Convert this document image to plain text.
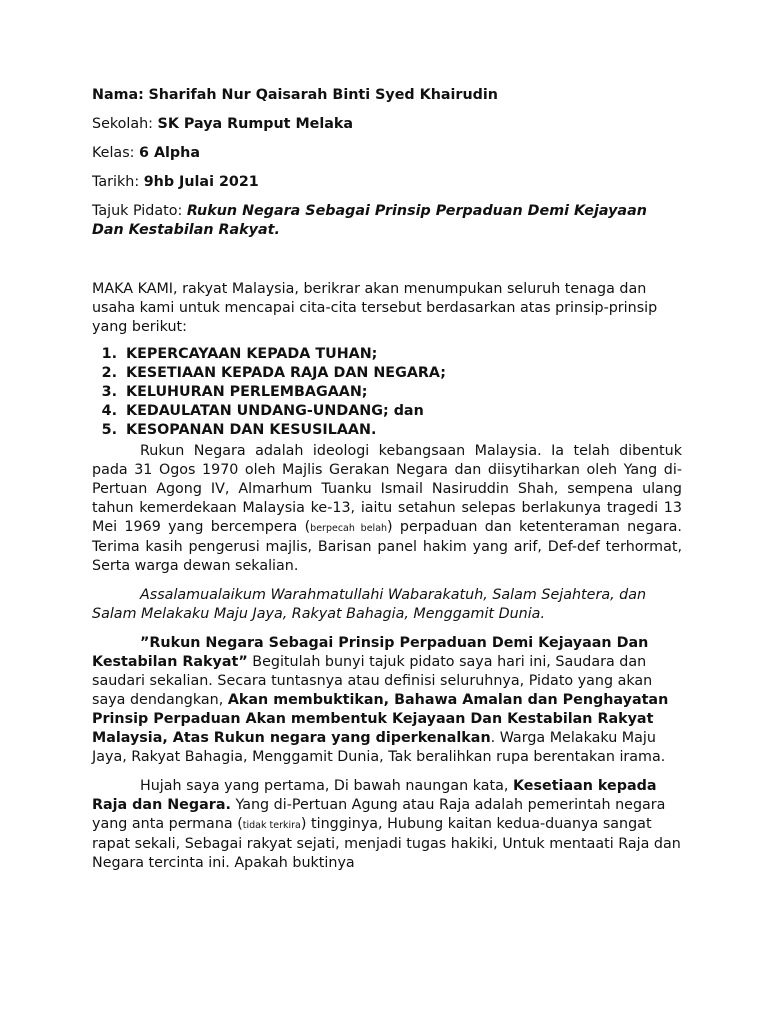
Nama: Sharifah Nur Qaisarah Binti Syed Khairudin
Sekolah: SK Paya Rumput Melaka
Kelas: 6 Alpha
Tarikh: 9hb Julai 2021
Tajuk Pidato: Rukun Negara Sebagai Prinsip Perpaduan Demi Kejayaan Dan Kestabilan Rakyat.

MAKA KAMI, rakyat Malaysia, berikrar akan menumpukan seluruh tenaga dan usaha kami untuk mencapai cita-cita tersebut berdasarkan atas prinsip-prinsip yang berikut:

1. KEPERCAYAAN KEPADA TUHAN;
2. KESETIAAN KEPADA RAJA DAN NEGARA;
3. KELUHURAN PERLEMBAGAAN;
4. KEDAULATAN UNDANG-UNDANG; dan
5. KESOPANAN DAN KESUSILAAN.

Rukun Negara adalah ideologi kebangsaan Malaysia. Ia telah dibentuk pada 31 Ogos 1970 oleh Majlis Gerakan Negara dan diisytiharkan oleh Yang di-Pertuan Agong IV, Almarhum Tuanku Ismail Nasiruddin Shah, sempena ulang tahun kemerdekaan Malaysia ke-13, iaitu setahun selepas berlakunya tragedi 13 Mei 1969 yang bercempera (berpecah belah) perpaduan dan ketenteraman negara. Terima kasih pengerusi majlis, Barisan panel hakim yang arif, Def-def terhormat, Serta warga dewan sekalian.

Assalamualaikum Warahmatullahi Wabarakatuh, Salam Sejahtera, dan Salam Melakaku Maju Jaya, Rakyat Bahagia, Menggamit Dunia.

”Rukun Negara Sebagai Prinsip Perpaduan Demi Kejayaan Dan Kestabilan Rakyat” Begitulah bunyi tajuk pidato saya hari ini, Saudara dan saudari sekalian. Secara tuntasnya atau definisi seluruhnya, Pidato yang akan saya dendangkan, Akan membuktikan, Bahawa Amalan dan Penghayatan Prinsip Perpaduan Akan membentuk Kejayaan Dan Kestabilan Rakyat Malaysia, Atas Rukun negara yang diperkenalkan. Warga Melakaku Maju Jaya, Rakyat Bahagia, Menggamit Dunia, Tak beralihkan rupa berentakan irama.

Hujah saya yang pertama, Di bawah naungan kata, Kesetiaan kepada Raja dan Negara. Yang di-Pertuan Agung atau Raja adalah pemerintah negara yang anta permana (tidak terkira) tingginya, Hubung kaitan kedua-duanya sangat rapat sekali, Sebagai rakyat sejati, menjadi tugas hakiki, Untuk mentaati Raja dan Negara tercinta ini. Apakah buktinya
